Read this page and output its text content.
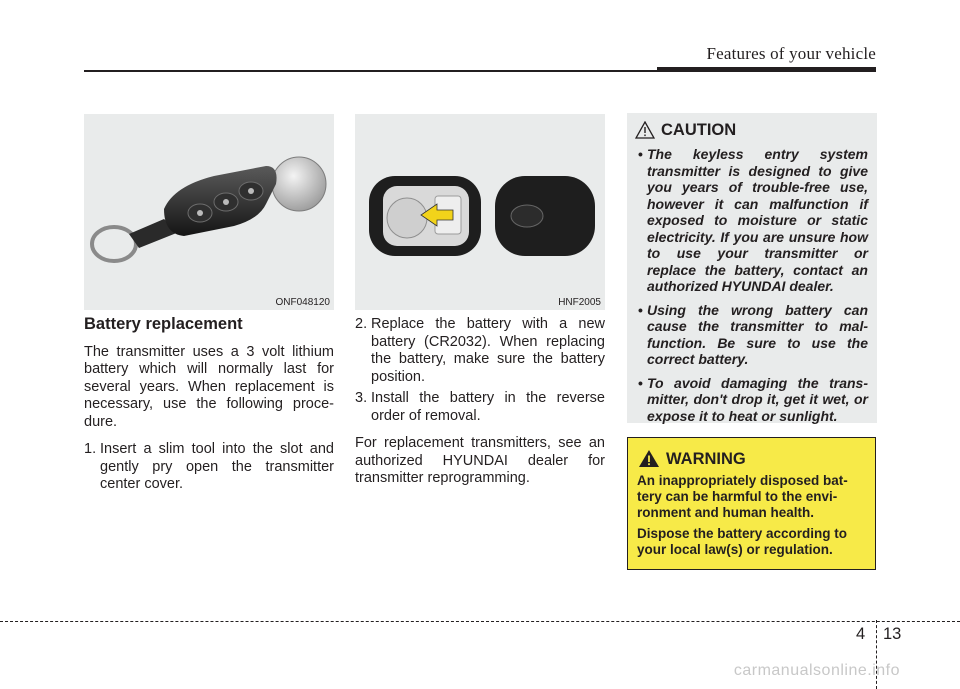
Features of your vehicle
ONF048120	HNF2005
Battery replacement

The transmitter uses a 3 volt lithium battery which will normally last for several years. When replacement is necessary, use the following proce-dure.

1. Insert a slim tool into the slot and gently pry open the transmitter center cover.
2. Replace the battery with a new battery (CR2032). When replacing the battery, make sure the battery position.
3. Install the battery in the reverse order of removal.

For replacement transmitters, see an authorized HYUNDAI dealer for transmitter reprogramming.

CAUTION
• The keyless entry system transmitter is designed to give you years of trouble-free use, however it can malfunction if exposed to moisture or static electricity. If you are unsure how to use your transmitter or replace the battery, contact an authorized HYUNDAI dealer.
• Using the wrong battery can cause the transmitter to mal-function. Be sure to use the correct battery.
• To avoid damaging the trans-mitter, don't drop it, get it wet, or expose it to heat or sunlight.
WARNING

An inappropriately disposed bat-tery can be harmful to the envi-ronment and human health.

Dispose the battery according to your local law(s) or regulation.

4 13
carmanualsonline.info
